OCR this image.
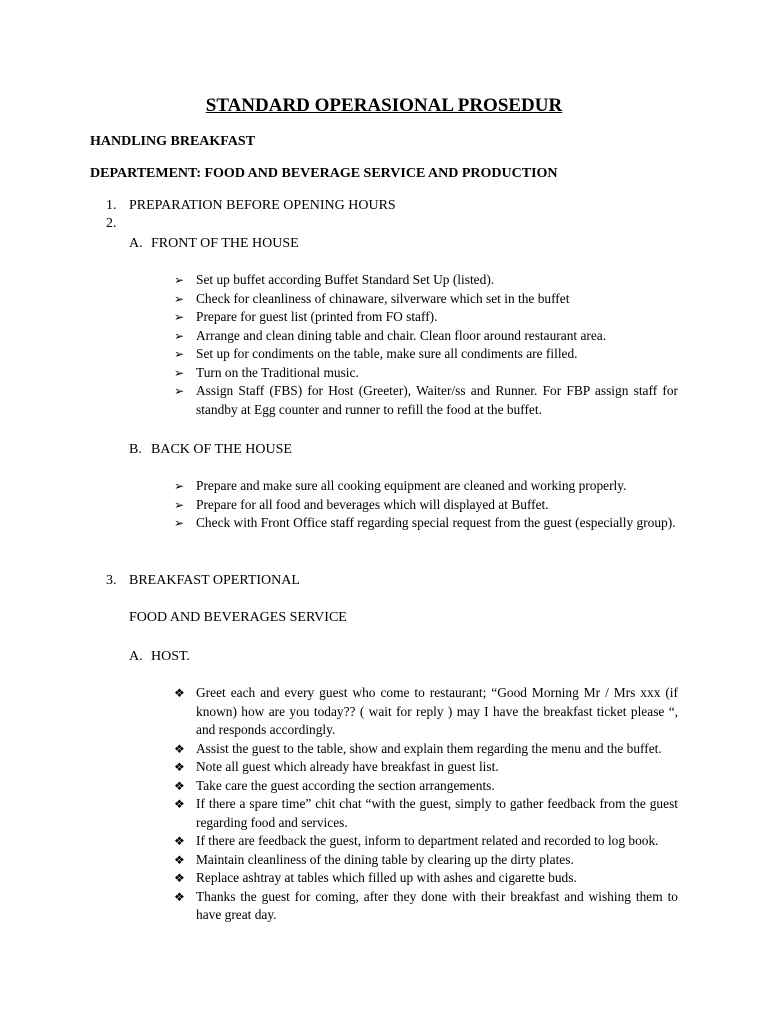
STANDARD OPERASIONAL PROSEDUR

HANDLING BREAKFAST

DEPARTEMENT: FOOD AND BEVERAGE SERVICE AND PRODUCTION

1. PREPARATION BEFORE OPENING HOURS
2.
A. FRONT OF THE HOUSE
➢ Set up buffet according Buffet Standard Set Up (listed).
➢ Check for cleanliness of chinaware, silverware which set in the buffet
➢ Prepare for guest list (printed from FO staff).
➢ Arrange and clean dining table and chair. Clean floor around restaurant area.
➢ Set up for condiments on the table, make sure all condiments are filled.
➢ Turn on the Traditional music.
➢ Assign Staff (FBS) for Host (Greeter), Waiter/ss and Runner. For FBP assign staff for standby at Egg counter and runner to refill the food at the buffet.
B. BACK OF THE HOUSE
➢ Prepare and make sure all cooking equipment are cleaned and working properly.
➢ Prepare for all food and beverages which will displayed at Buffet.
➢ Check with Front Office staff regarding special request from the guest (especially group).
3. BREAKFAST OPERTIONAL
FOOD AND BEVERAGES SERVICE
A. HOST.
❖ Greet each and every guest who come to restaurant; “Good Morning Mr / Mrs xxx (if known) how are you today?? ( wait for reply ) may I have the breakfast ticket please “, and responds accordingly.
❖ Assist the guest to the table, show and explain them regarding the menu and the buffet.
❖ Note all guest which already have breakfast in guest list.
❖ Take care the guest according the section arrangements.
❖ If there a spare time” chit chat “with the guest, simply to gather feedback from the guest regarding food and services.
❖ If there are feedback the guest, inform to department related and recorded to log book.
❖ Maintain cleanliness of the dining table by clearing up the dirty plates.
❖ Replace ashtray at tables which filled up with ashes and cigarette buds.
❖ Thanks the guest for coming, after they done with their breakfast and wishing them to have great day.
